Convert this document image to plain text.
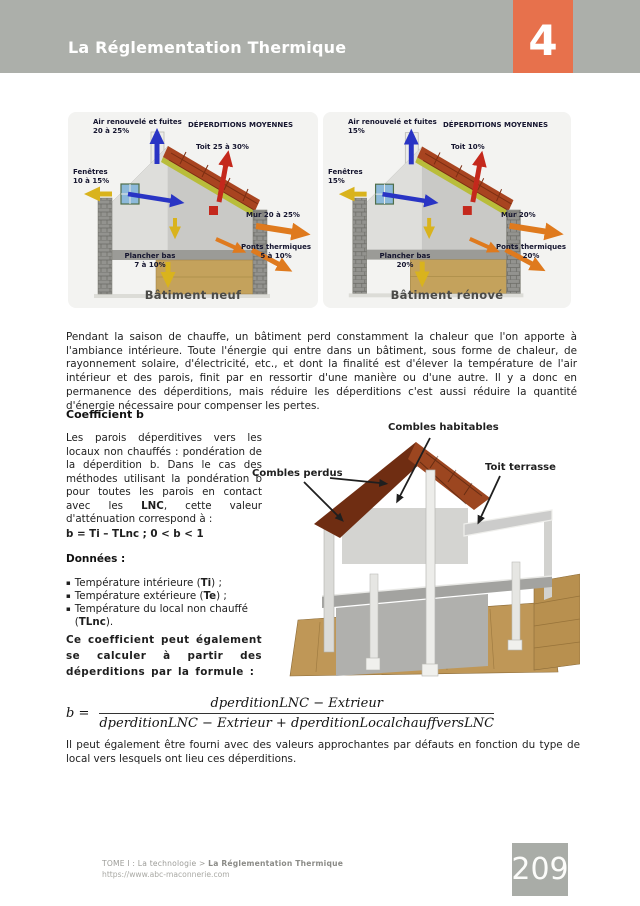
La Réglementation Thermique	4
Air renouvelé et fuites
20 à 25%
DÉPERDITIONS MOYENNES
Toit 25 à 30%
Fenêtres
10 à 15%
Mur 20 à 25%
Ponts thermiques
5 à 10%
Plancher bas
7 à 10%
Bâtiment neuf
Air renouvelé et fuites
15%
DÉPERDITIONS MOYENNES
Toit 10%
Fenêtres
15%
Mur 20%
Ponts thermiques
20%
Plancher bas
20%
Bâtiment rénové

Pendant la saison de chauffe, un bâtiment perd constamment la chaleur que l'on apporte à l'ambiance intérieure. Toute l'énergie qui entre dans un bâtiment, sous forme de chaleur, de rayonnement solaire, d'électricité, etc., et dont la finalité est d'élever la température de l'air intérieur et des parois, finit par en ressortir d'une manière ou d'une autre. Il y a donc en permanence des déperditions, mais réduire les déperditions c'est aussi réduire la quantité d'énergie nécessaire pour compenser les pertes.

Coefficient b

Les parois déperditives vers les locaux non chauffés : pondération de la déperdition b. Dans le cas des méthodes utilisant la pondération b pour toutes les parois en contact avec les LNC, cette valeur d'atténuation correspond à :

b = Ti – TLnc ; 0 < b < 1

Données :
▪ Température intérieure (Ti) ;
▪ Température extérieure (Te) ;
▪ Température du local non chauffé (TLnc).

Ce coefficient peut également se calculer à partir des déperditions par la formule :

Combles habitables
Combles perdus
Toit terrasse
$b = \frac{\text{dperditionLNC − Extrieur}}{\text{dperditionLNC − Extrieur + dperditionLocalchauffversLNC}}$

Il peut également être fourni avec des valeurs approchantes par défauts en fonction du type de local vers lesquels ont lieu ces déperditions.

TOME I : La technologie > La Réglementation Thermique
https://www.abc-maconnerie.com	209
